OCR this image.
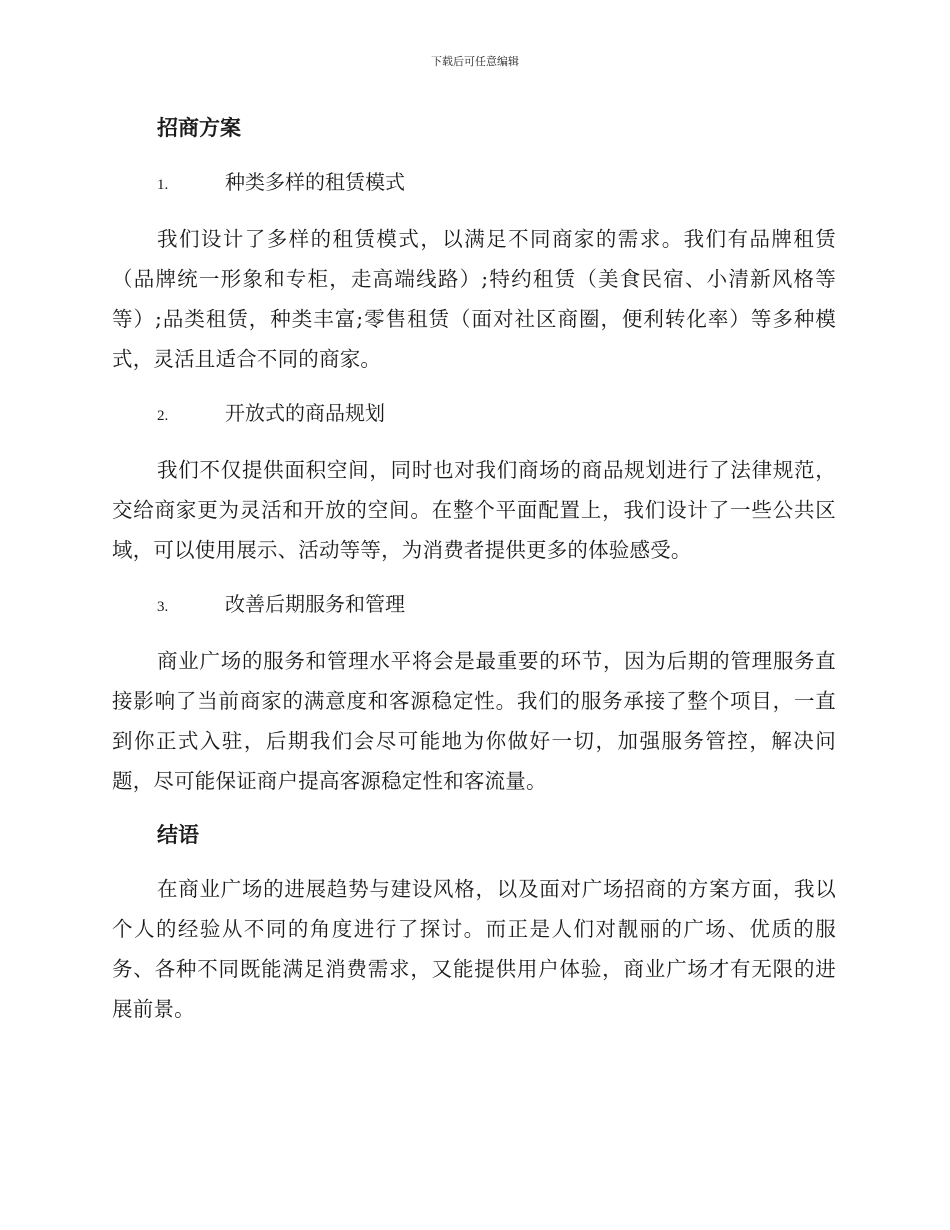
下载后可任意编辑
招商方案
1.	种类多样的租赁模式

我们设计了多样的租赁模式，以满足不同商家的需求。我们有品牌租赁（品牌统一形象和专柜，走高端线路）;特约租赁（美食民宿、小清新风格等等）;品类租赁，种类丰富;零售租赁（面对社区商圈，便利转化率）等多种模式，灵活且适合不同的商家。

2.	开放式的商品规划

我们不仅提供面积空间，同时也对我们商场的商品规划进行了法律规范，交给商家更为灵活和开放的空间。在整个平面配置上，我们设计了一些公共区域，可以使用展示、活动等等，为消费者提供更多的体验感受。

3.	改善后期服务和管理

商业广场的服务和管理水平将会是最重要的环节，因为后期的管理服务直接影响了当前商家的满意度和客源稳定性。我们的服务承接了整个项目，一直到你正式入驻，后期我们会尽可能地为你做好一切，加强服务管控，解决问题，尽可能保证商户提高客源稳定性和客流量。

结语

在商业广场的进展趋势与建设风格，以及面对广场招商的方案方面，我以个人的经验从不同的角度进行了探讨。而正是人们对靓丽的广场、优质的服务、各种不同既能满足消费需求，又能提供用户体验，商业广场才有无限的进展前景。
